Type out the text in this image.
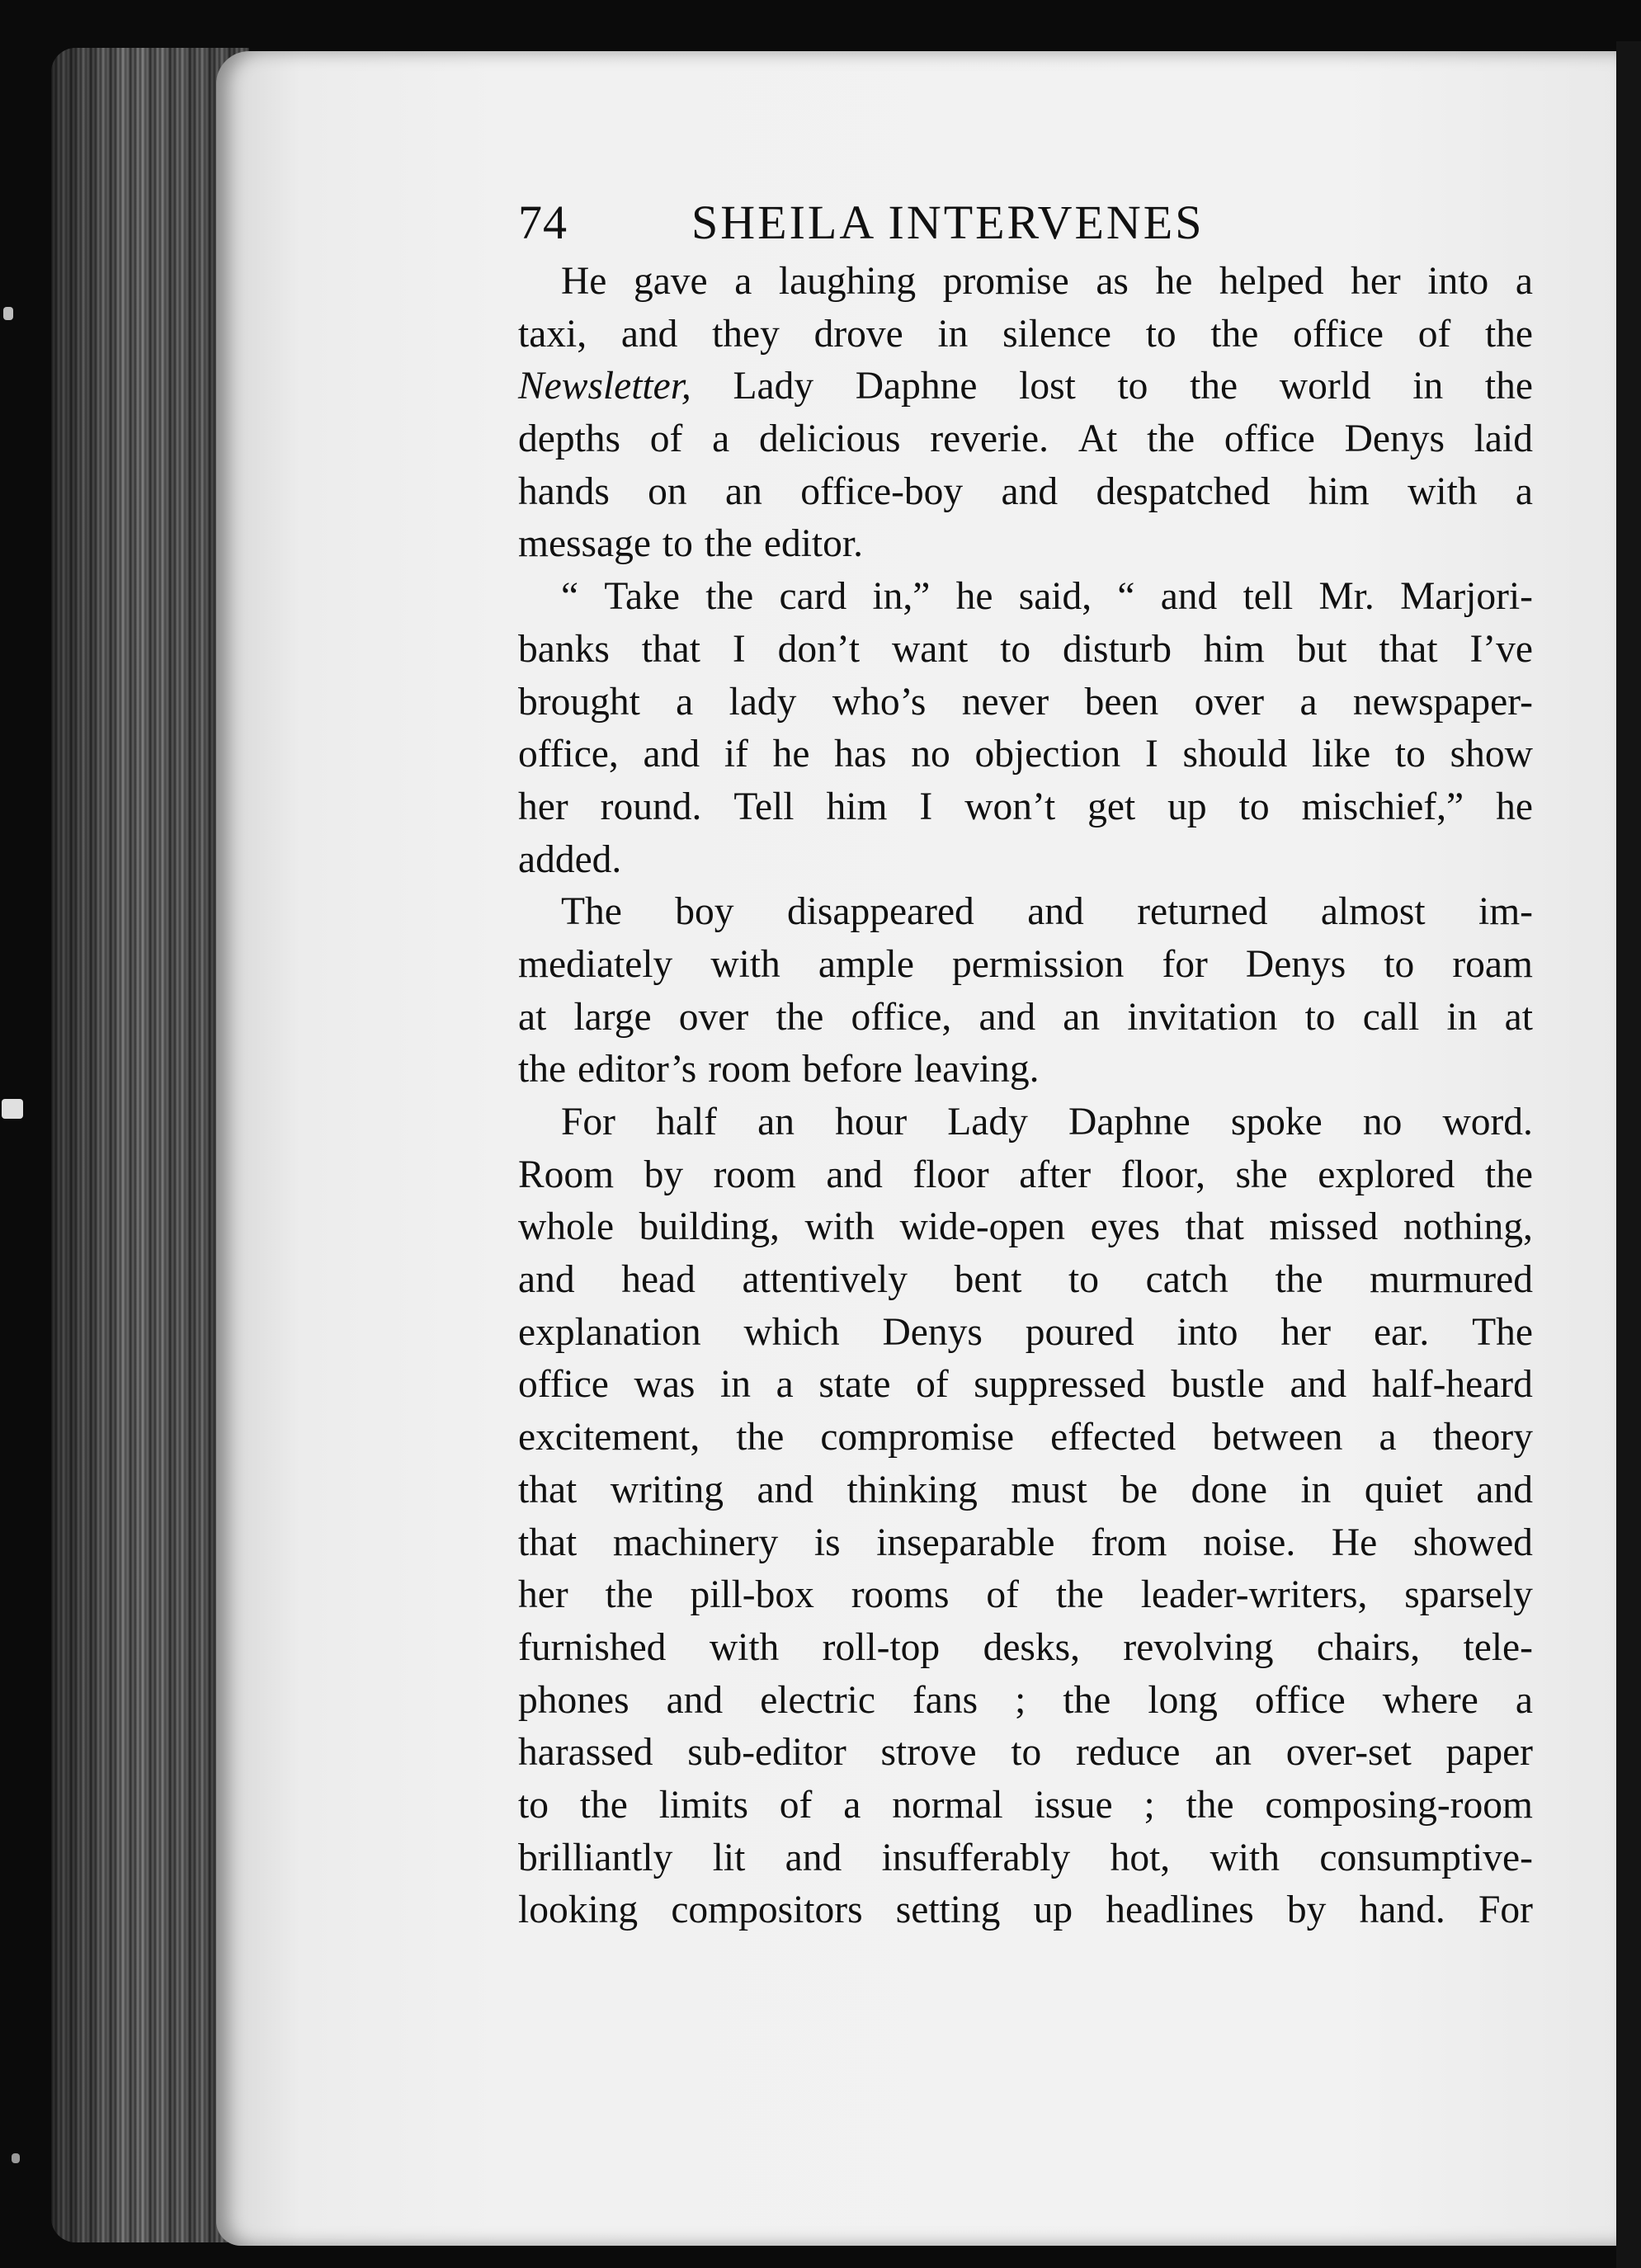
74	SHEILA INTERVENES
He gave a laughing promise as he helped her into a
taxi, and they drove in silence to the office of the
Newsletter, Lady Daphne lost to the world in the
depths of a delicious reverie. At the office Denys laid
hands on an office-boy and despatched him with a
message to the editor.
“ Take the card in,” he said, “ and tell Mr. Marjori-
banks that I don’t want to disturb him but that I’ve
brought a lady who’s never been over a newspaper-
office, and if he has no objection I should like to show
her round. Tell him I won’t get up to mischief,” he
added.
The boy disappeared and returned almost im-
mediately with ample permission for Denys to roam
at large over the office, and an invitation to call in at
the editor’s room before leaving.
For half an hour Lady Daphne spoke no word.
Room by room and floor after floor, she explored the
whole building, with wide-open eyes that missed nothing,
and head attentively bent to catch the murmured
explanation which Denys poured into her ear. The
office was in a state of suppressed bustle and half-heard
excitement, the compromise effected between a theory
that writing and thinking must be done in quiet and
that machinery is inseparable from noise. He showed
her the pill-box rooms of the leader-writers, sparsely
furnished with roll-top desks, revolving chairs, tele-
phones and electric fans ; the long office where a
harassed sub-editor strove to reduce an over-set paper
to the limits of a normal issue ; the composing-room
brilliantly lit and insufferably hot, with consumptive-
looking compositors setting up headlines by hand. For
